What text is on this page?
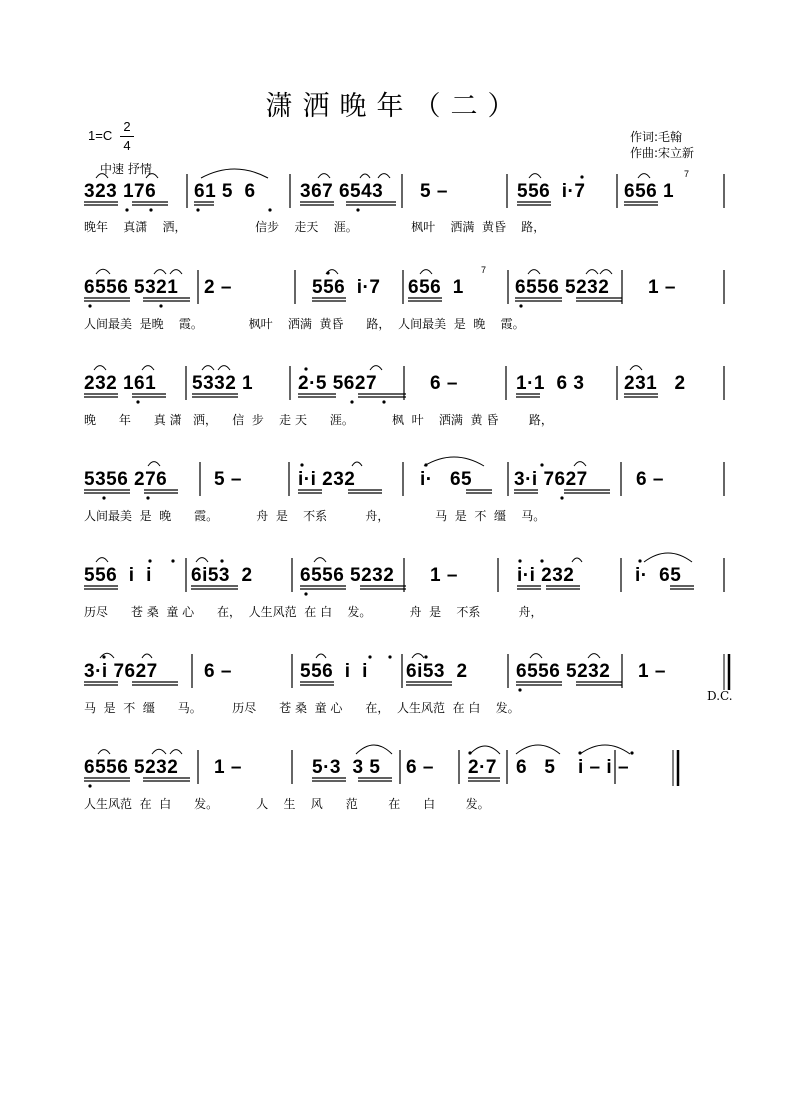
潇洒晚年（二）
1=C
2
4
作词:毛翰
作曲:宋立新
中速 抒情
D.C.
323 176 61 5  6 367 6543 5 –	556  i·7 656 1
7
6556 5321 2 –	556  i·7 656  1
7
6556 5232 1 –
232 161 5332 1 2·5 5627	6 –	1·1  6 3 231   2
5356 276 5 –	i·i 232	i·   65 3·i 7627	6 –
556  i  i 6i53  2 6556 5232 1 –	i·i 232	i·  65
3·i 7627 6 –	556  i  i 6i53  2	6556 5232 1 –
6556 5232 1 –	5·3  3 5 6 – 2·7 6   5 i – i –
晚年    真潇    洒，                  信步    走天    涯。              枫叶    洒满  黄昏    路，
人间最美  是晚    霞。            枫叶    洒满  黄昏      路，  人间最美  是  晚    霞。
晚      年      真 潇   洒，    信  步    走 天      涯。          枫  叶    洒满  黄 昏        路，
人间最美  是  晚      霞。          舟  是    不系          舟，            马  是  不  缰    马。
历尽      苍 桑  童 心      在，  人生风范  在 白    发。          舟  是    不系          舟，
马  是  不  缰      马。        历尽      苍 桑  童 心      在，  人生风范  在 白    发。
人生风范  在  白      发。          人    生    风      范        在      白        发。
